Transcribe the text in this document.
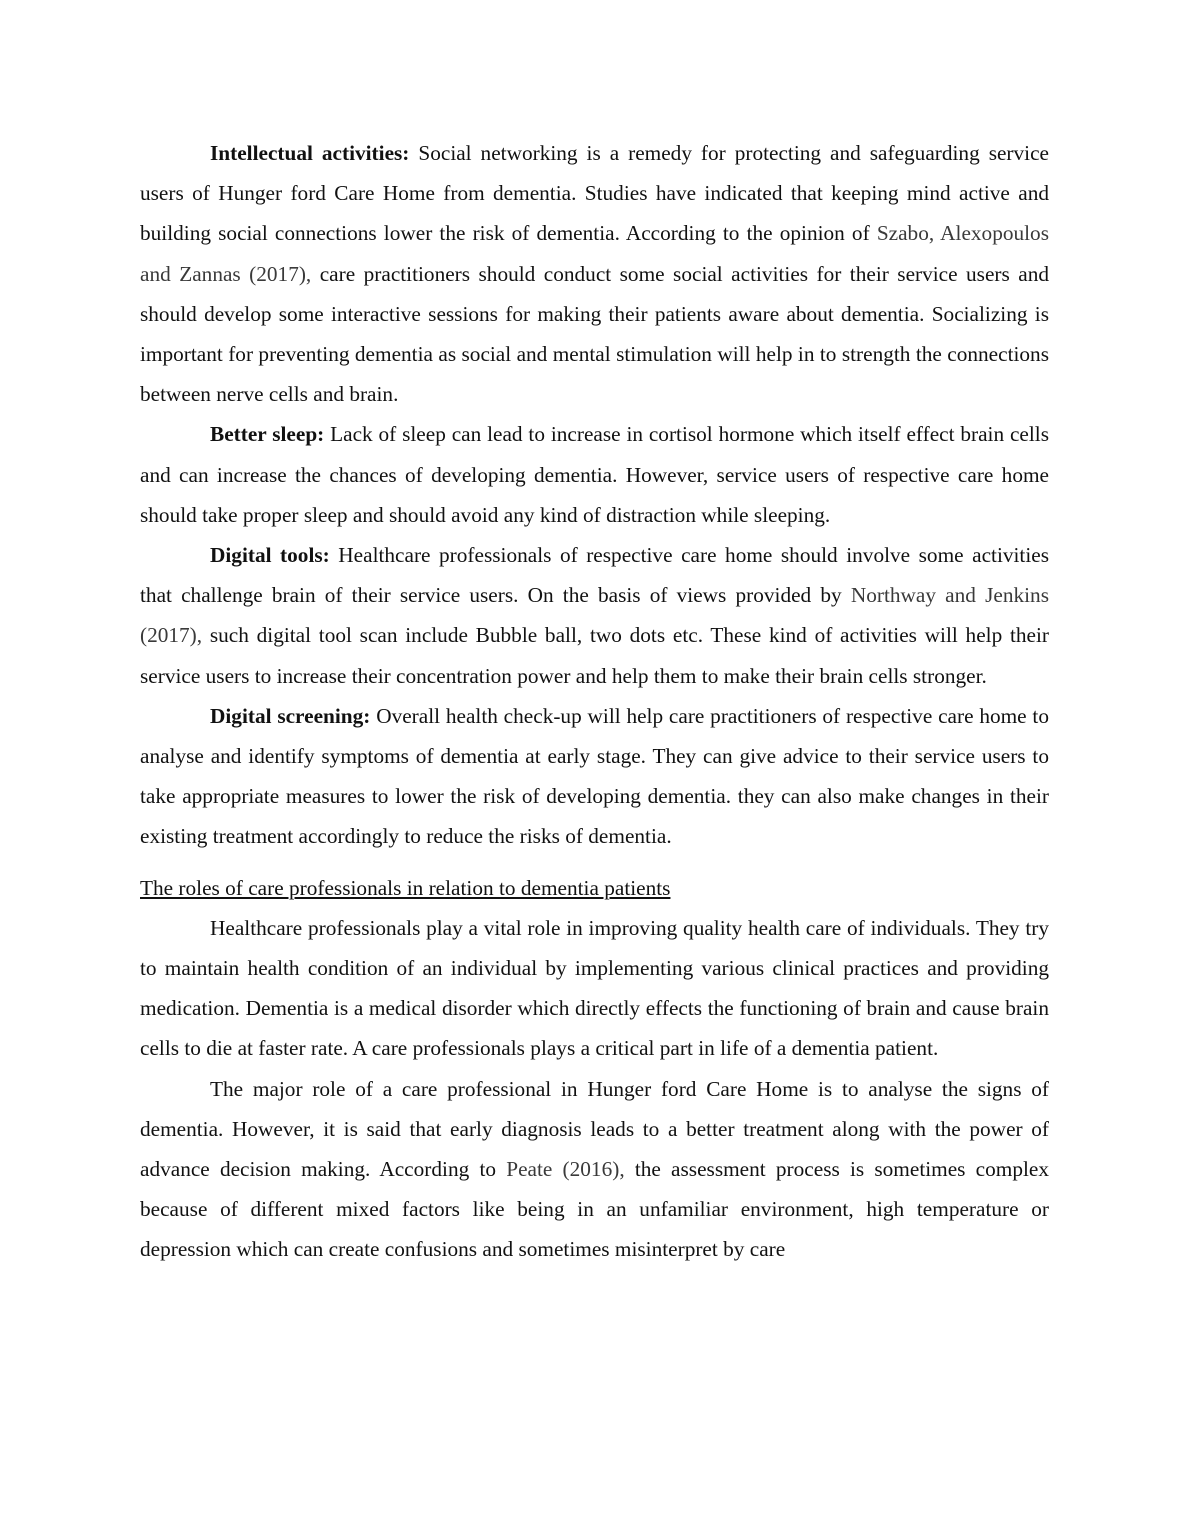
Intellectual activities: Social networking is a remedy for protecting and safeguarding service users of Hunger ford Care Home from dementia. Studies have indicated that keeping mind active and building social connections lower the risk of dementia. According to the opinion of Szabo, Alexopoulos and Zannas (2017), care practitioners should conduct some social activities for their service users and should develop some interactive sessions for making their patients aware about dementia. Socializing is important for preventing dementia as social and mental stimulation will help in to strength the connections between nerve cells and brain.

Better sleep: Lack of sleep can lead to increase in cortisol hormone which itself effect brain cells and can increase the chances of developing dementia. However, service users of respective care home should take proper sleep and should avoid any kind of distraction while sleeping.

Digital tools: Healthcare professionals of respective care home should involve some activities that challenge brain of their service users. On the basis of views provided by Northway and Jenkins (2017), such digital tool scan include Bubble ball, two dots etc. These kind of activities will help their service users to increase their concentration power and help them to make their brain cells stronger.

Digital screening: Overall health check-up will help care practitioners of respective care home to analyse and identify symptoms of dementia at early stage. They can give advice to their service users to take appropriate measures to lower the risk of developing dementia. they can also make changes in their existing treatment accordingly to reduce the risks of dementia.

The roles of care professionals in relation to dementia patients

Healthcare professionals play a vital role in improving quality health care of individuals. They try to maintain health condition of an individual by implementing various clinical practices and providing medication. Dementia is a medical disorder which directly effects the functioning of brain and cause brain cells to die at faster rate. A care professionals plays a critical part in life of a dementia patient.

The major role of a care professional in Hunger ford Care Home is to analyse the signs of dementia. However, it is said that early diagnosis leads to a better treatment along with the power of advance decision making. According to Peate (2016), the assessment process is sometimes complex because of different mixed factors like being in an unfamiliar environment, high temperature or depression which can create confusions and sometimes misinterpret by care
